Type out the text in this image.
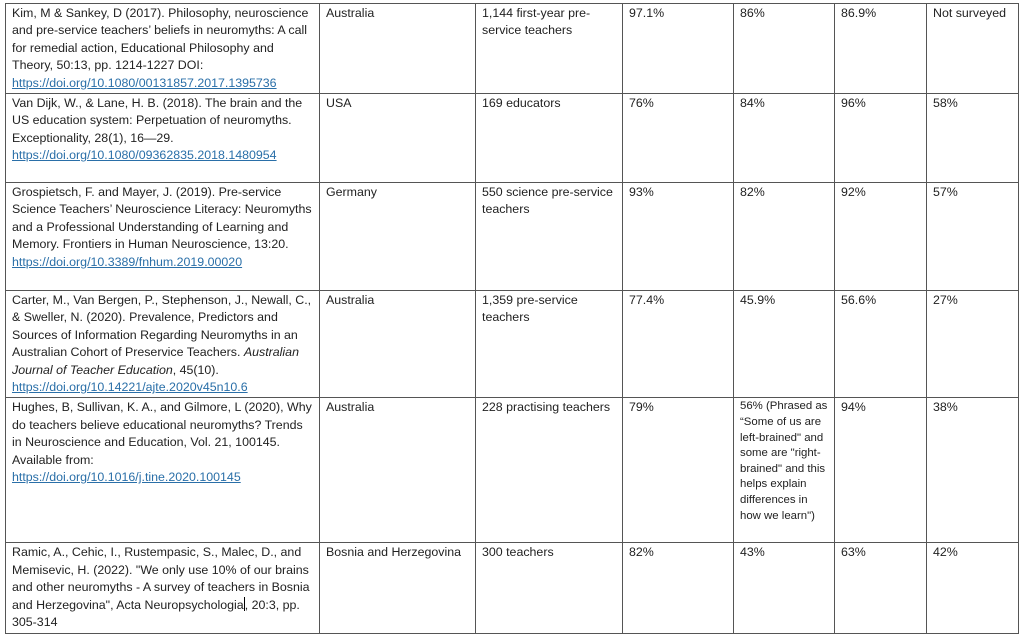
Kim, M & Sankey, D (2017). Philosophy, neuroscience and pre-service teachers’ beliefs in neuromyths: A call for remedial action, Educational Philosophy and Theory, 50:13, pp. 1214-1227 DOI: https://doi.org/10.1080/00131857.2017.1395736	Australia	1,144 first-year pre-service teachers	97.1%	86%	86.9%	Not surveyed
Van Dijk, W., & Lane, H. B. (2018). The brain and the US education system: Perpetuation of neuromyths. Exceptionality, 28(1), 16—29. https://doi.org/10.1080/09362835.2018.1480954	USA	169 educators	76%	84%	96%	58%
Grospietsch, F. and Mayer, J. (2019). Pre-service Science Teachers’ Neuroscience Literacy: Neuromyths and a Professional Understanding of Learning and Memory. Frontiers in Human Neuroscience, 13:20. https://doi.org/10.3389/fnhum.2019.00020	Germany	550 science pre-service teachers	93%	82%	92%	57%
Carter, M., Van Bergen, P., Stephenson, J., Newall, C., & Sweller, N. (2020). Prevalence, Predictors and Sources of Information Regarding Neuromyths in an Australian Cohort of Preservice Teachers. Australian Journal of Teacher Education, 45(10). https://doi.org/10.14221/ajte.2020v45n10.6	Australia	1,359 pre-service teachers	77.4%	45.9%	56.6%	27%
Hughes, B, Sullivan, K. A., and Gilmore, L (2020), Why do teachers believe educational neuromyths? Trends in Neuroscience and Education, Vol. 21, 100145. Available from: https://doi.org/10.1016/j.tine.2020.100145	Australia	228 practising teachers	79%	56% (Phrased as “Some of us are left-brained" and some are "right-brained" and this helps explain differences in how we learn")	94%	38%
Ramic, A., Cehic, I., Rustempasic, S., Malec, D., and Memisevic, H. (2022). "We only use 10% of our brains and other neuromyths - A survey of teachers in Bosnia and Herzegovina", Acta Neuropsychologia, 20:3, pp. 305-314	Bosnia and Herzegovina	300 teachers	82%	43%	63%	42%
